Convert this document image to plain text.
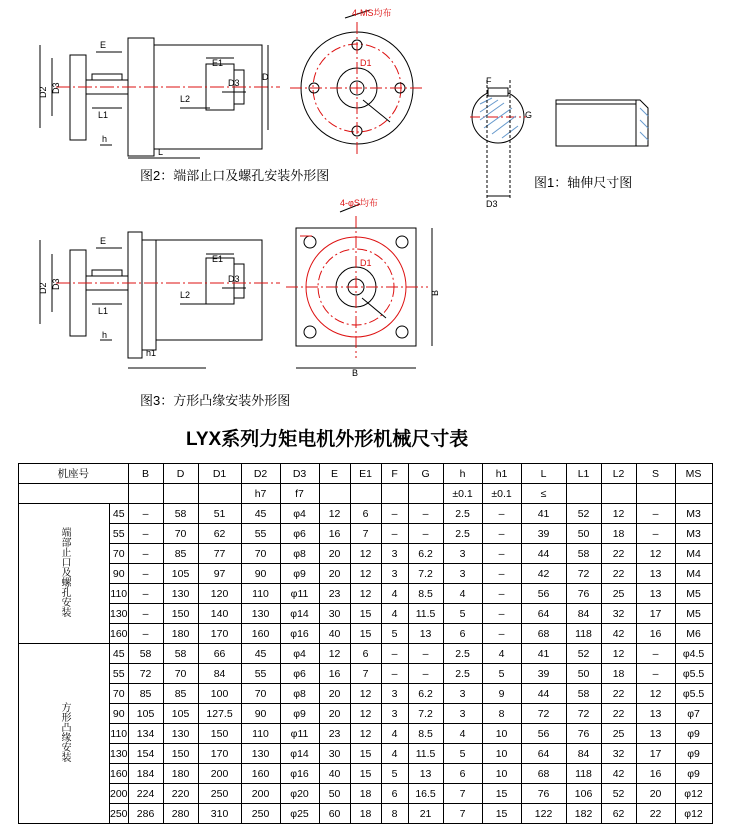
4-MS均布
D2 D3
E
L1
h
L
E1
L2
D3
D
D1
图2：端部止口及螺孔安装外形图
F
G
D3
图1：轴伸尺寸图
4-φS均布
D2 D3
E
L1
h
h1
E1
L2
D3
D1
B
B
图3：方形凸缘安装外形图
LYX系列力矩电机外形机械尺寸表
机座号		B	D	D1	D2	D3	E	E1	F	G	h	h1	L	L1	L2	S	MS
					h7	f7					±0.1	±0.1	≤				
端部止口及螺孔安装	45	–	58	51	45	φ4	12	6	–	–	2.5	–	41	52	12	–	M3
	55	–	70	62	55	φ6	16	7	–	–	2.5	–	39	50	18	–	M3
	70	–	85	77	70	φ8	20	12	3	6.2	3	–	44	58	22	12	M4
	90	–	105	97	90	φ9	20	12	3	7.2	3	–	42	72	22	13	M4
	110	–	130	120	110	φ11	23	12	4	8.5	4	–	56	76	25	13	M5
	130	–	150	140	130	φ14	30	15	4	11.5	5	–	64	84	32	17	M5
	160	–	180	170	160	φ16	40	15	5	13	6	–	68	118	42	16	M6
方形凸缘安装	45	58	58	66	45	φ4	12	6	–	–	2.5	4	41	52	12	–	φ4.5
	55	72	70	84	55	φ6	16	7	–	–	2.5	5	39	50	18	–	φ5.5
	70	85	85	100	70	φ8	20	12	3	6.2	3	9	44	58	22	12	φ5.5
	90	105	105	127.5	90	φ9	20	12	3	7.2	3	8	72	72	22	13	φ7
	110	134	130	150	110	φ11	23	12	4	8.5	4	10	56	76	25	13	φ9
	130	154	150	170	130	φ14	30	15	4	11.5	5	10	64	84	32	17	φ9
	160	184	180	200	160	φ16	40	15	5	13	6	10	68	118	42	16	φ9
	200	224	220	250	200	φ20	50	18	6	16.5	7	15	76	106	52	20	φ12
	250	286	280	310	250	φ25	60	18	8	21	7	15	122	182	62	22	φ12
